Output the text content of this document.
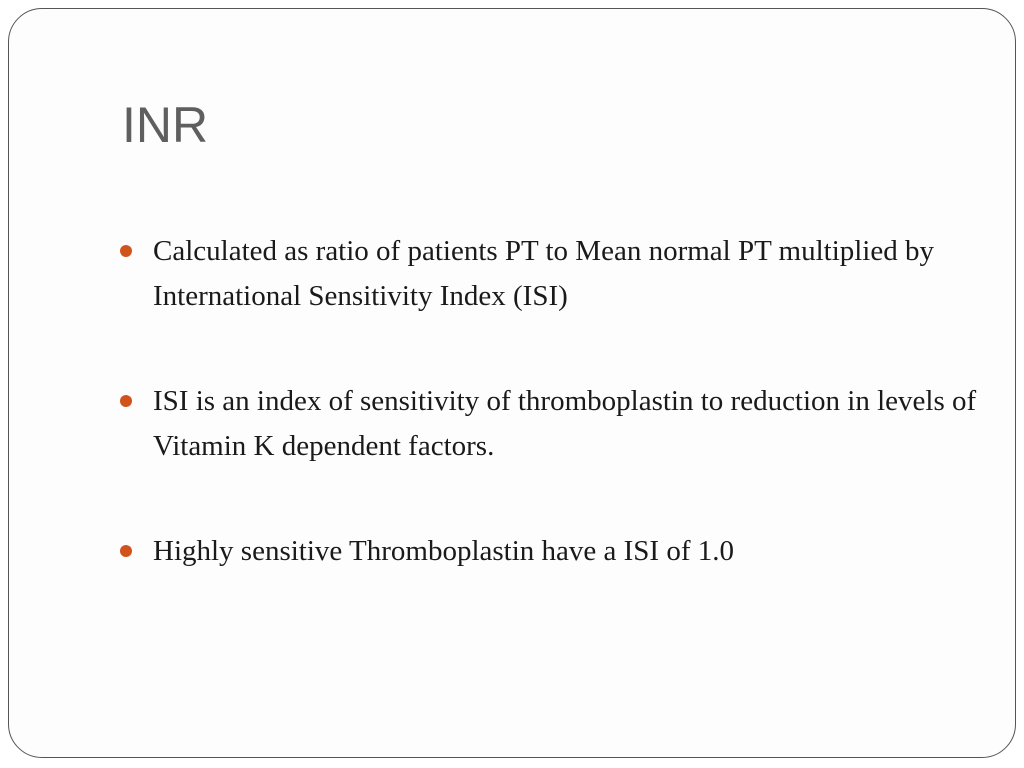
INR
Calculated as ratio of patients PT to Mean normal PT multiplied by International Sensitivity Index (ISI)
ISI is an index of sensitivity of thromboplastin to reduction in levels of Vitamin K dependent factors.
Highly sensitive Thromboplastin have a ISI of 1.0
